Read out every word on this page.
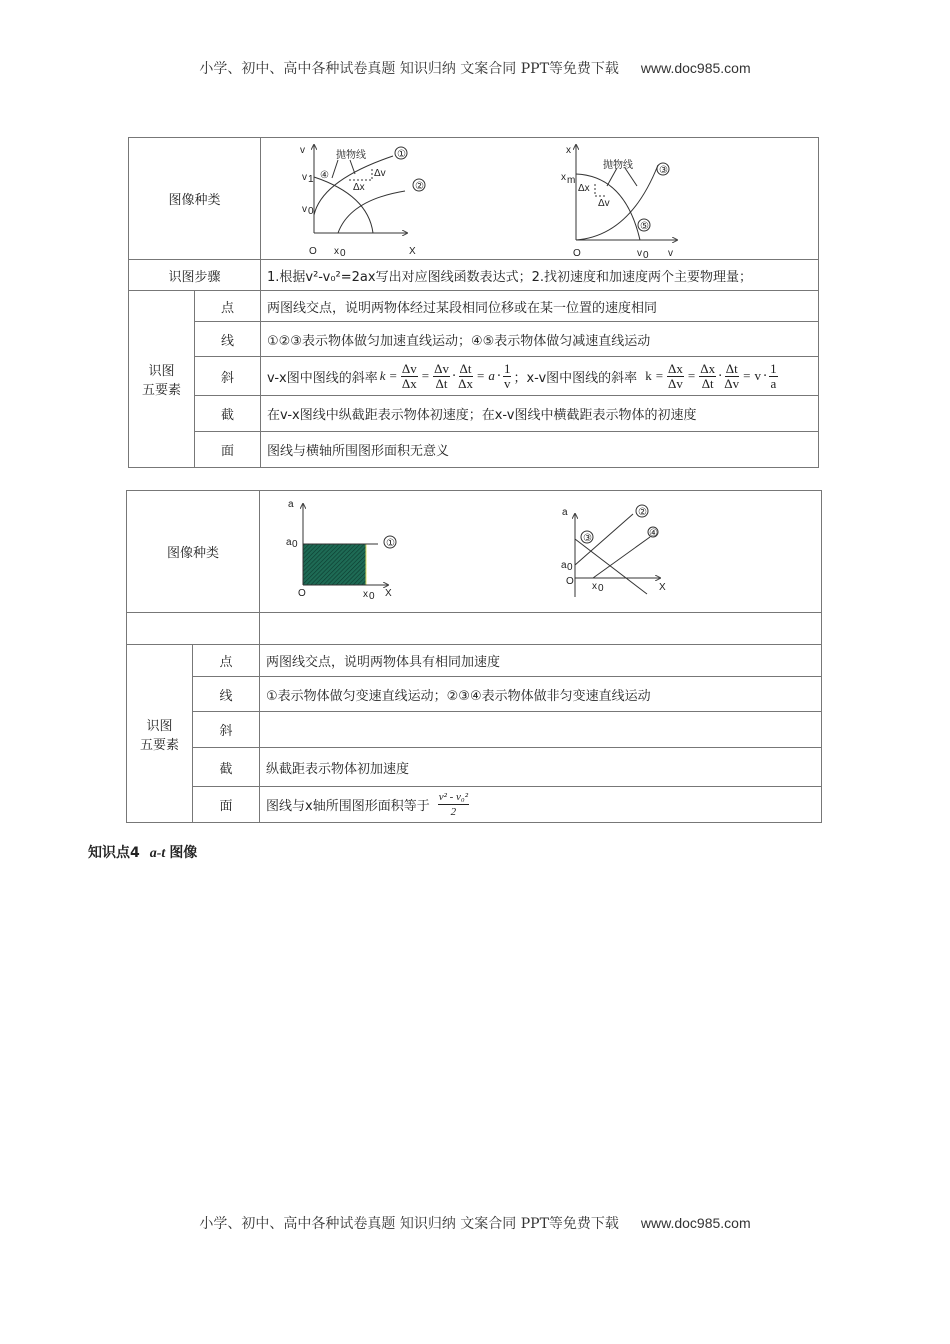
小学、初中、高中各种试卷真题 知识归纳 文案合同 PPT等免费下载 www.doc985.com
图像种类
识图步骤	1.根据v²-v₀²=2ax写出对应图线函数表达式；2.找初速度和加速度两个主要物理量；
识图
五要素
点	两图线交点，说明两物体经过某段相同位移或在某一位置的速度相同
线	①②③表示物体做匀加速直线运动；④⑤表示物体做匀减速直线运动
斜	v-x图中图线的斜率 $k = \frac{\Delta v}{\Delta x} = \frac{\Delta v}{\Delta t} \cdot \frac{\Delta t}{\Delta x} = a \cdot \frac{1}{v}$ ；x-v图中图线的斜率 $k = \frac{\Delta x}{\Delta v} = \frac{\Delta x}{\Delta t} \cdot \frac{\Delta t}{\Delta v} = v \cdot \frac{1}{a}$
截	在v-x图线中纵截距表示物体初速度；在x-v图线中横截距表示物体的初速度
面	图线与横轴所围图形面积无意义
图像种类
识图
五要素
点	两图线交点，说明两物体具有相同加速度
线	①表示物体做匀变速直线运动；②③④表示物体做非匀变速直线运动
斜
截	纵截距表示物体初加速度
面	图线与x轴所围图形面积等于 $\frac{\text{v² - v₀²}}{2}$
v
v 1
v 0
O x 0	X
抛物线	①
②
④	Δv
Δx
x
x m
抛物线	③
⑤
Δx
Δv
O	v 0 v
a
a 0	①
O	x 0 X
a	②
③	④
a 0
O x 0	X
知识点4 a-t 图像
小学、初中、高中各种试卷真题 知识归纳 文案合同 PPT等免费下载 www.doc985.com
